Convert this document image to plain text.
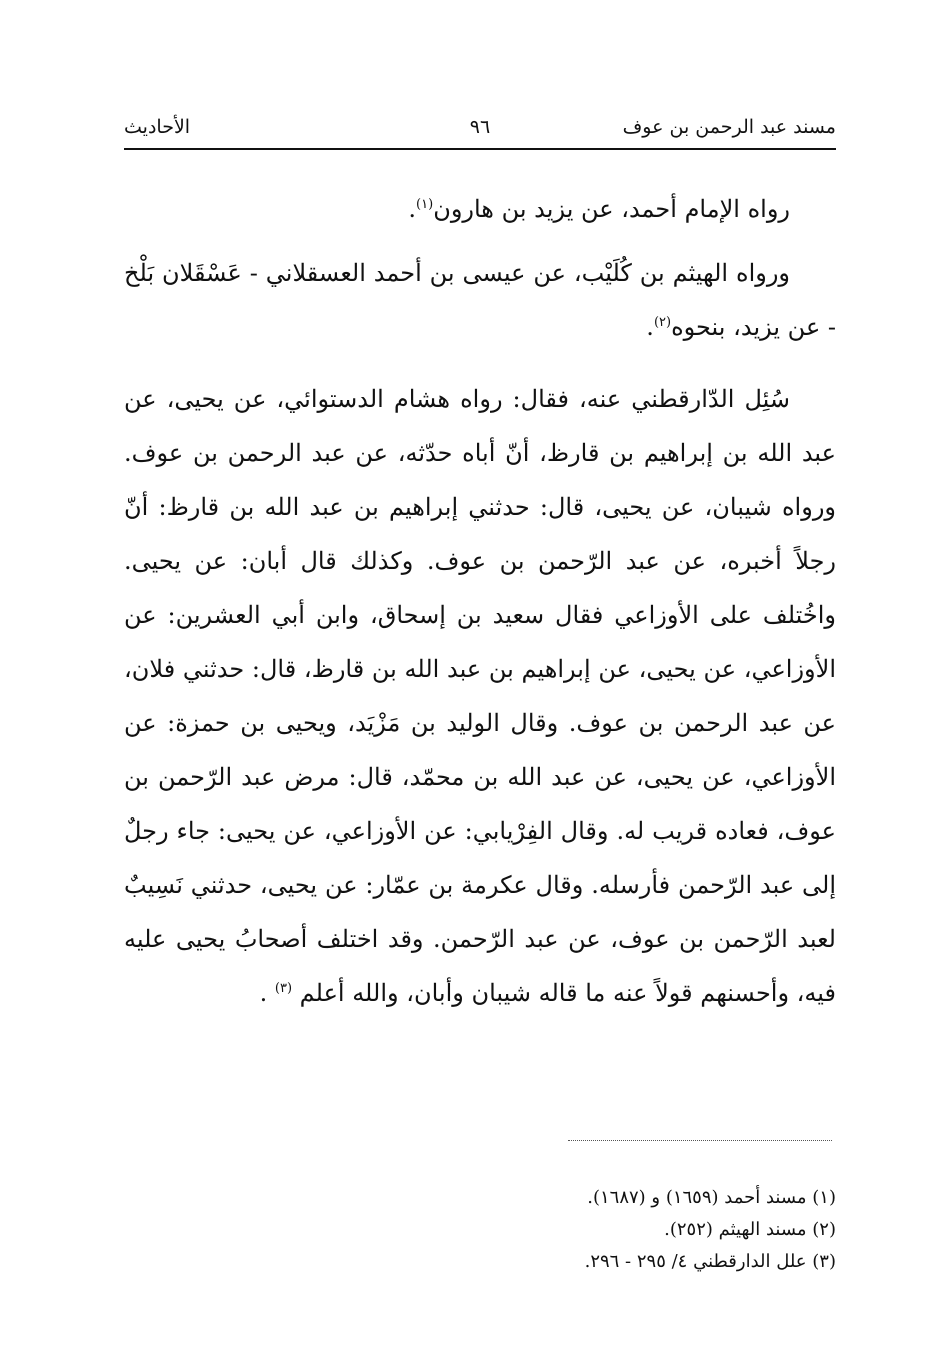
مسند عبد الرحمن بن عوف
٩٦
الأحاديث

رواه الإمام أحمد، عن يزيد بن هارون$^{(١)}$.

ورواه الهيثم بن كُلَيْب، عن عيسى بن أحمد العسقلاني - عَسْقَلان بَلْخ - عن يزيد، بنحوه$^{(٢)}$.

سُئِل الدّارقطني عنه، فقال: رواه هشام الدستوائي، عن يحيى، عن عبد الله بن إبراهيم بن قارظ، أنّ أباه حدّثه، عن عبد الرحمن بن عوف. ورواه شيبان، عن يحيى، قال: حدثني إبراهيم بن عبد الله بن قارظ: أنّ رجلاً أخبره، عن عبد الرّحمن بن عوف. وكذلك قال أبان: عن يحيى. واخُتلف على الأوزاعي فقال سعيد بن إسحاق، وابن أبي العشرين: عن الأوزاعي، عن يحيى، عن إبراهيم بن عبد الله بن قارظ، قال: حدثني فلان، عن عبد الرحمن بن عوف. وقال الوليد بن مَزْيَد، ويحيى بن حمزة: عن الأوزاعي، عن يحيى، عن عبد الله بن محمّد، قال: مرض عبد الرّحمن بن عوف، فعاده قريب له. وقال الفِرْيابي: عن الأوزاعي، عن يحيى: جاء رجلٌ إلى عبد الرّحمن فأرسله. وقال عكرمة بن عمّار: عن يحيى، حدثني نَسِيبٌ لعبد الرّحمن بن عوف، عن عبد الرّحمن. وقد اختلف أصحابُ يحيى عليه فيه، وأحسنهم قولاً عنه ما قاله شيبان وأبان، والله أعلم $^{(٣)}$ .

(١) مسند أحمد (١٦٥٩) و (١٦٨٧).
(٢) مسند الهيثم (٢٥٢).
(٣) علل الدارقطني ٤/ ٢٩٥ - ٢٩٦.
